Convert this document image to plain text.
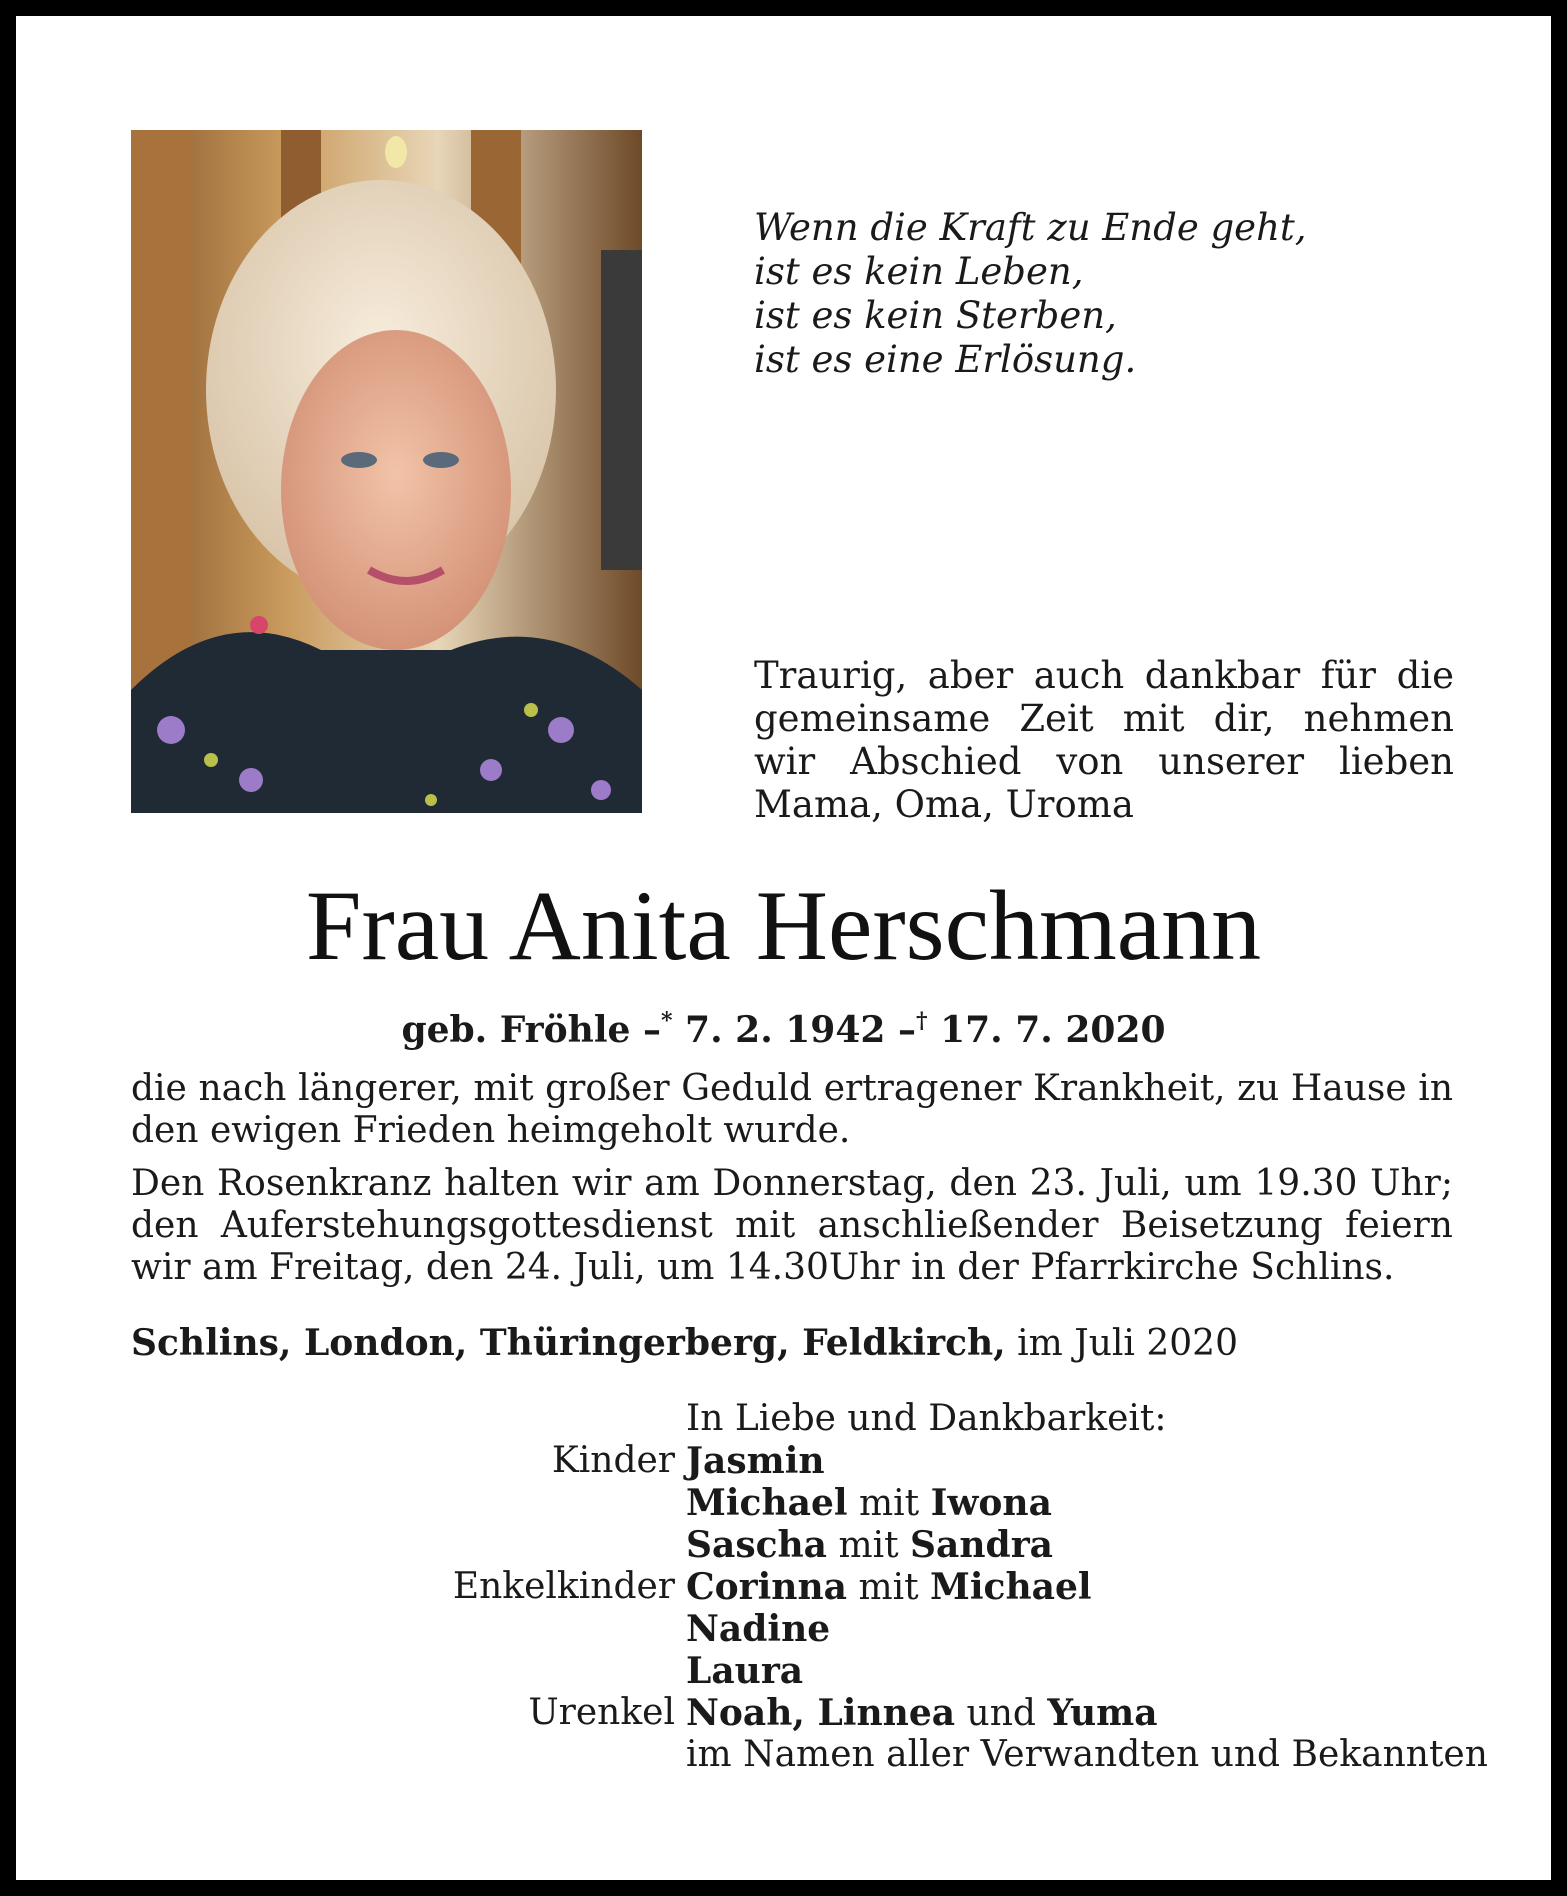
Wenn die Kraft zu Ende geht,
ist es kein Leben,
ist es kein Sterben,
ist es eine Erlösung.
Traurig, aber auch dankbar für die gemeinsame Zeit mit dir, nehmen wir Abschied von unserer lieben Mama, Oma, Uroma
Frau Anita Herschmann
geb. Fröhle –* 7. 2. 1942 –† 17. 7. 2020
die nach längerer, mit großer Geduld ertragener Krankheit, zu Hause in den ewigen Frieden heimgeholt wurde.
Den Rosenkranz halten wir am Donnerstag, den 23. Juli, um 19.30 Uhr; den Auferstehungsgottesdienst mit anschließender Beisetzung feiern wir am Freitag, den 24. Juli, um 14.30Uhr in der Pfarrkirche Schlins.
Schlins, London, Thüringerberg, Feldkirch, im Juli 2020
In Liebe und Dankbarkeit:
Kinder Jasmin
Michael mit Iwona
Sascha mit Sandra
Enkelkinder Corinna mit Michael
Nadine
Laura
Urenkel Noah, Linnea und Yuma
im Namen aller Verwandten und Bekannten
